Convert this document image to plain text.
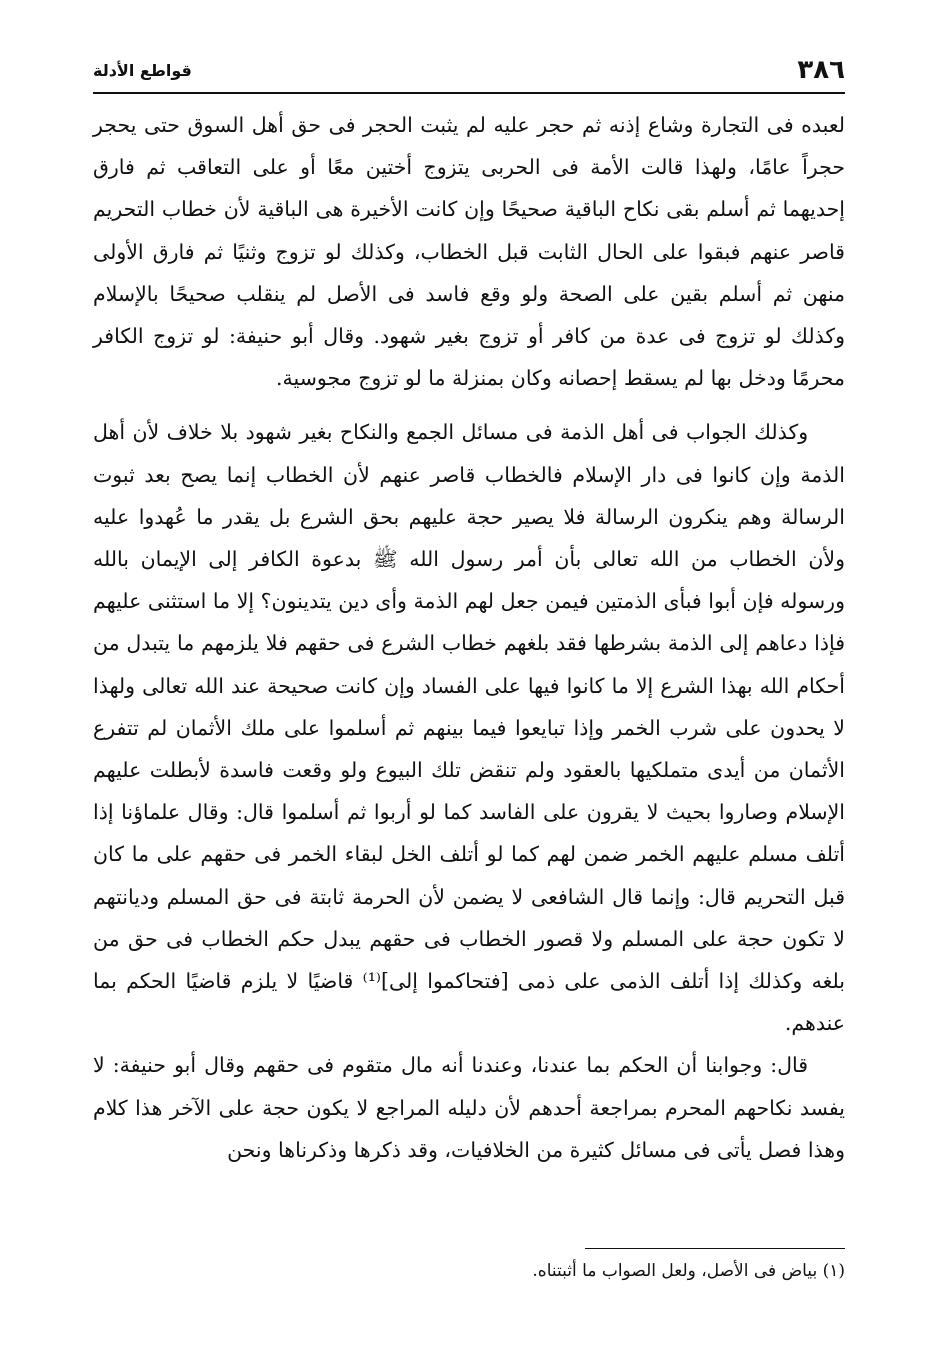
٣٨٦
قواطع الأدلة

لعبده فى التجارة وشاع إذنه ثم حجر عليه لم يثبت الحجر فى حق أهل السوق حتى يحجر حجراً عامًا، ولهذا قالت الأمة فى الحربى يتزوج أختين معًا أو على التعاقب ثم فارق إحديهما ثم أسلم بقى نكاح الباقية صحيحًا وإن كانت الأخيرة هى الباقية لأن خطاب التحريم قاصر عنهم فبقوا على الحال الثابت قبل الخطاب، وكذلك لو تزوج وثنيًا ثم فارق الأولى منهن ثم أسلم بقين على الصحة ولو وقع فاسد فى الأصل لم ينقلب صحيحًا بالإسلام وكذلك لو تزوج فى عدة من كافر أو تزوج بغير شهود. وقال أبو حنيفة: لو تزوج الكافر محرمًا ودخل بها لم يسقط إحصانه وكان بمنزلة ما لو تزوج مجوسية.

وكذلك الجواب فى أهل الذمة فى مسائل الجمع والنكاح بغير شهود بلا خلاف لأن أهل الذمة وإن كانوا فى دار الإسلام فالخطاب قاصر عنهم لأن الخطاب إنما يصح بعد ثبوت الرسالة وهم ينكرون الرسالة فلا يصير حجة عليهم بحق الشرع بل يقدر ما عُهدوا عليه ولأن الخطاب من الله تعالى بأن أمر رسول الله ﷺ بدعوة الكافر إلى الإيمان بالله ورسوله فإن أبوا فبأى الذمتين فيمن جعل لهم الذمة وأى دين يتدينون؟ إلا ما استثنى عليهم فإذا دعاهم إلى الذمة بشرطها فقد بلغهم خطاب الشرع فى حقهم فلا يلزمهم ما يتبدل من أحكام الله بهذا الشرع إلا ما كانوا فيها على الفساد وإن كانت صحيحة عند الله تعالى ولهذا لا يحدون على شرب الخمر وإذا تبايعوا فيما بينهم ثم أسلموا على ملك الأثمان لم تتفرع الأثمان من أيدى متملكيها بالعقود ولم تنقض تلك البيوع ولو وقعت فاسدة لأبطلت عليهم الإسلام وصاروا بحيث لا يقرون على الفاسد كما لو أربوا ثم أسلموا قال: وقال علماؤنا إذا أتلف مسلم عليهم الخمر ضمن لهم كما لو أتلف الخل لبقاء الخمر فى حقهم على ما كان قبل التحريم قال: وإنما قال الشافعى لا يضمن لأن الحرمة ثابتة فى حق المسلم وديانتهم لا تكون حجة على المسلم ولا قصور الخطاب فى حقهم يبدل حكم الخطاب فى حق من بلغه وكذلك إذا أتلف الذمى على ذمى [فتحاكموا إلى]⁽¹⁾ قاضيًا لا يلزم قاضيًا الحكم بما عندهم.

قال: وجوابنا أن الحكم بما عندنا، وعندنا أنه مال متقوم فى حقهم وقال أبو حنيفة: لا يفسد نكاحهم المحرم بمراجعة أحدهم لأن دليله المراجع لا يكون حجة على الآخر هذا كلام وهذا فصل يأتى فى مسائل كثيرة من الخلافيات، وقد ذكرها وذكرناها ونحن

(١) بياض فى الأصل، ولعل الصواب ما أثبتناه.
